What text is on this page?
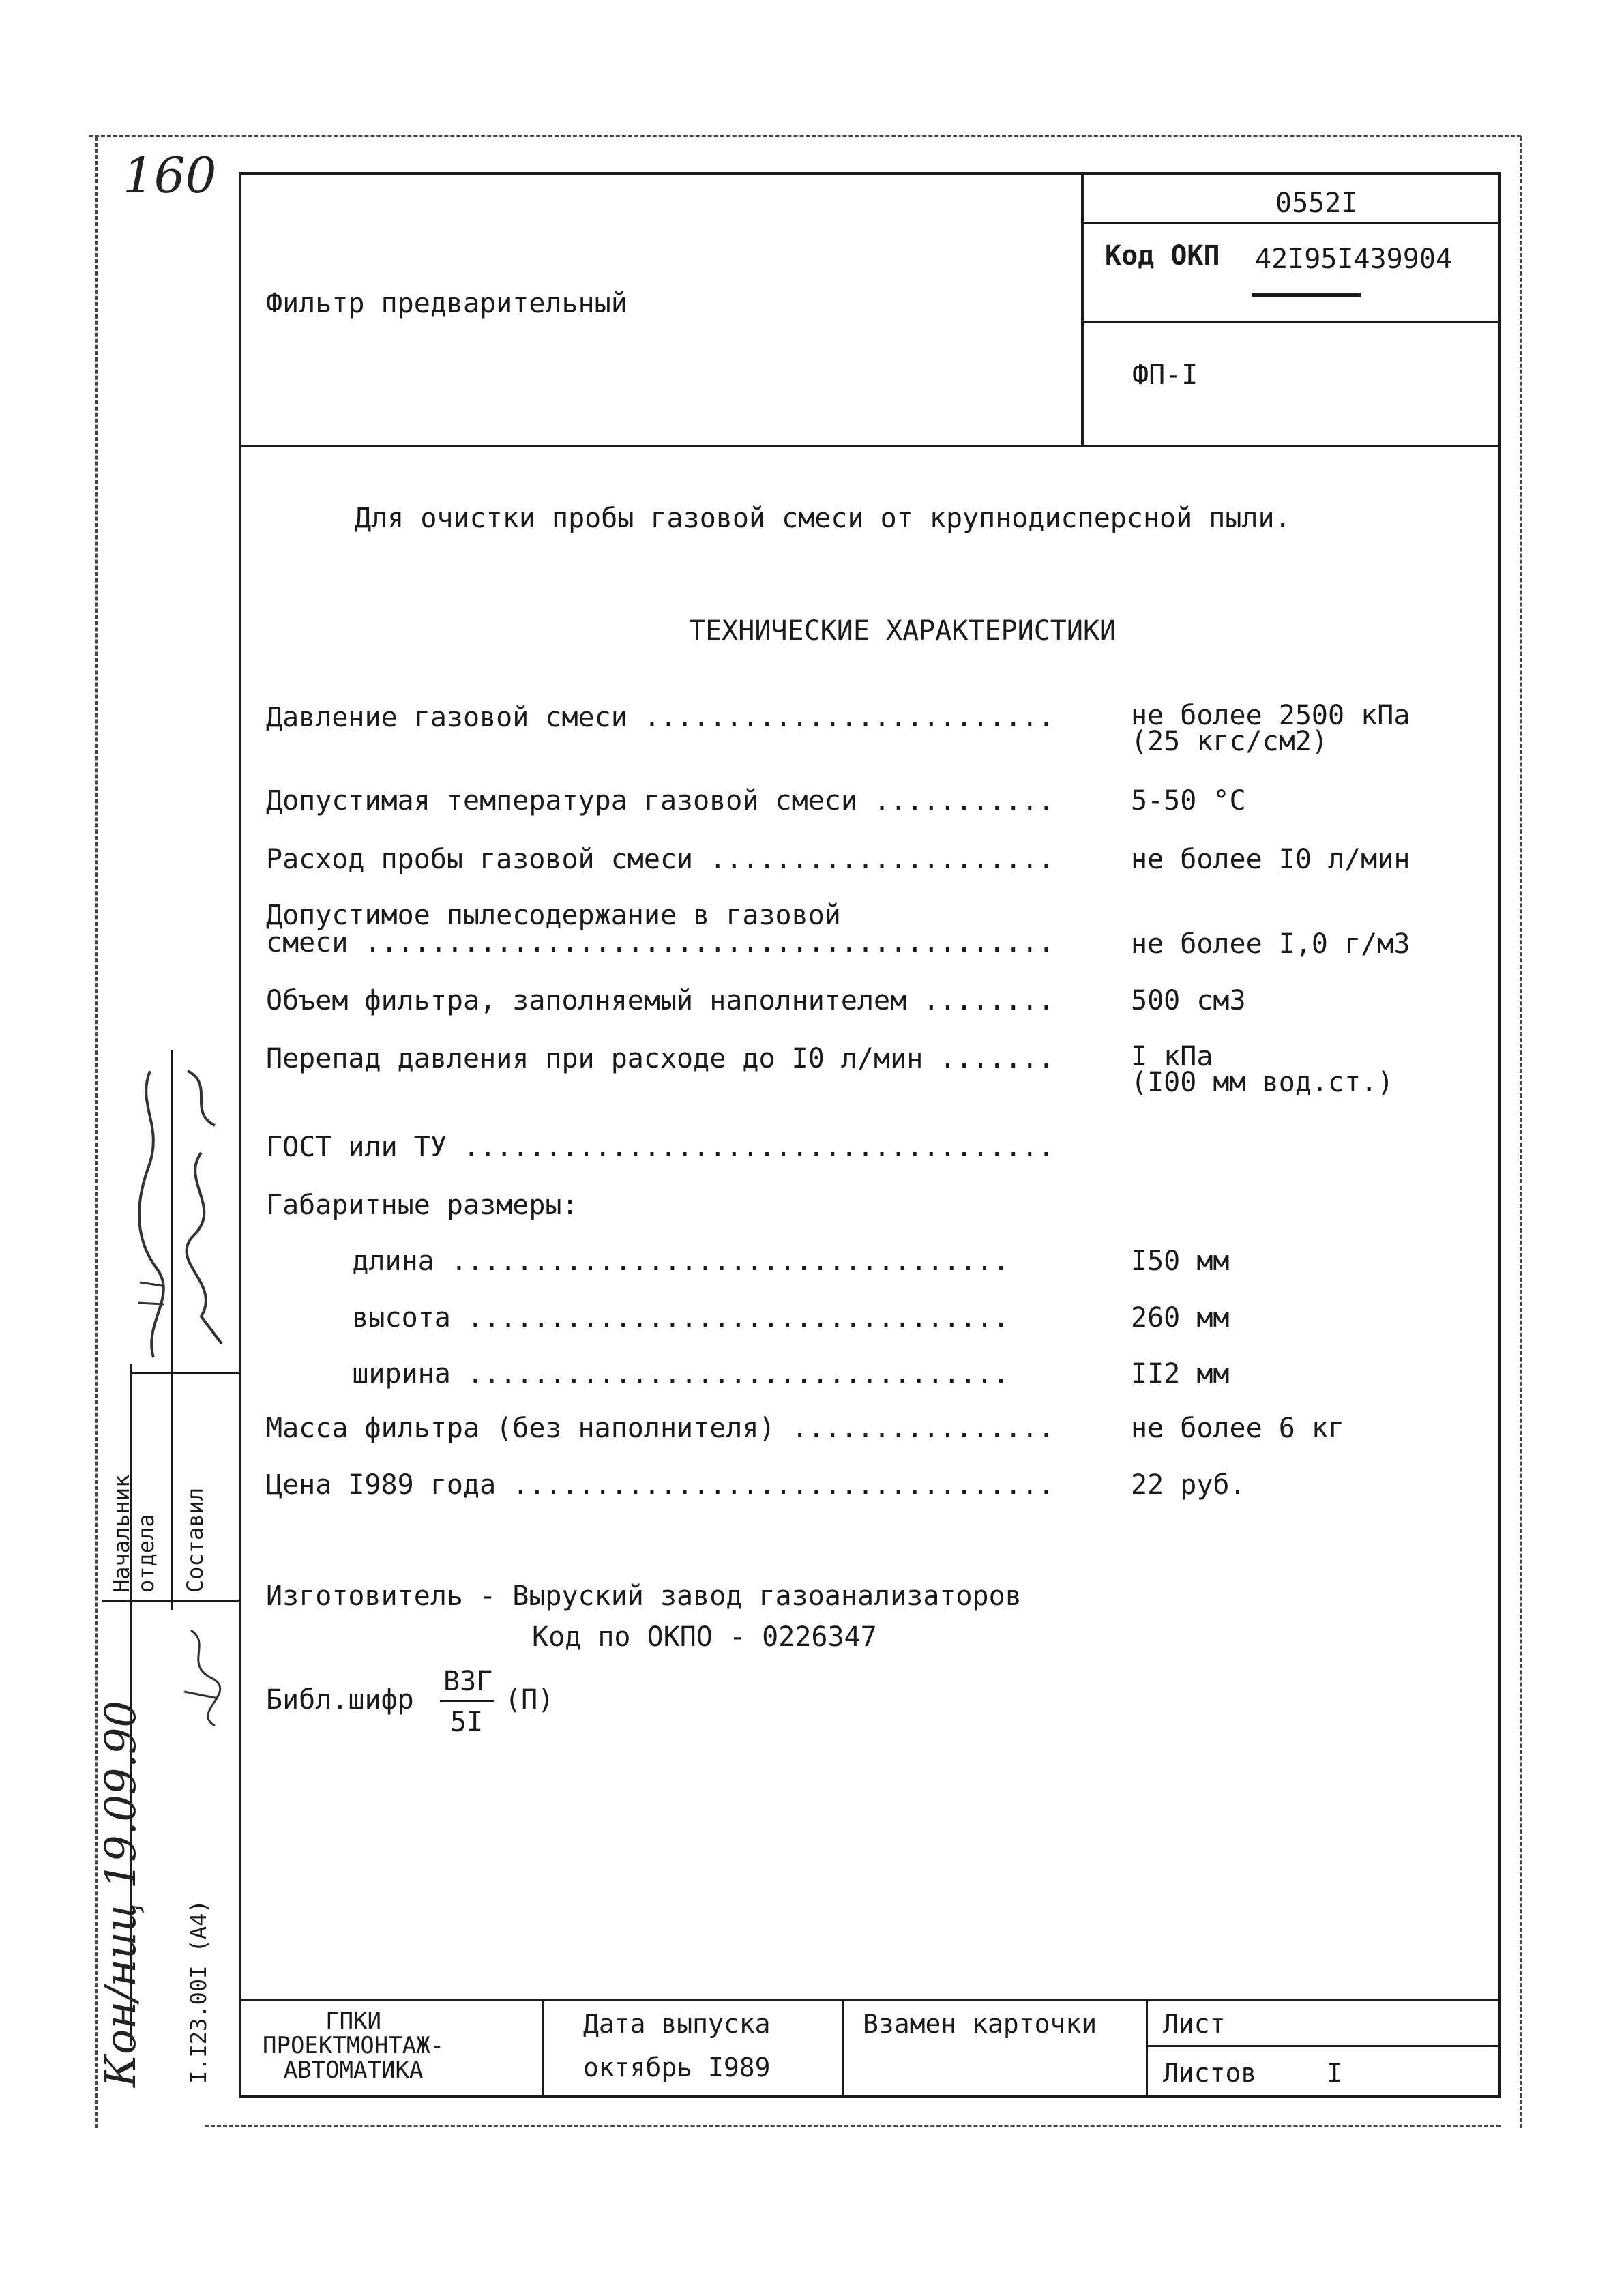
160
Фильтр предварительный
0552I
Код ОКП 42I95I439904
ФП-I
Для очистки пробы газовой смеси от крупнодисперсной пыли.
ТЕХНИЧЕСКИЕ ХАРАКТЕРИСТИКИ
Давление газовой смеси .........................	не более 2500 кПа
(25 кгс/см2)
Допустимая температура газовой смеси ...........	5-50 °С
Расход пробы газовой смеси .....................	не более I0 л/мин
Допустимое пылесодержание в газовой
смеси ..........................................	не более I,0 г/м3
Объем фильтра, заполняемый наполнителем ........	500 см3
Перепад давления при расходе до I0 л/мин .......	I кПа
(I00 мм вод.ст.)
ГОСТ или ТУ ....................................
Габаритные размеры:
длина ..................................	I50 мм
высота .................................	260 мм
ширина .................................	II2 мм
Масса фильтра (без наполнителя) ................	не более 6 кг
Цена I989 года .................................	22 руб.
Изготовитель - Выруский завод газоанализаторов
Код по ОКПО - 0226347
Библ.шифр
ВЗГ
5I
(П)
Начальник
отдела Составил
I.I23.00I (A4)
Кон/ниц 19.09.90	ГПКИ
ПРОЕКТМОНТАЖ-
АВТОМАТИКА
Дата выпуска
октябрь I989
Взамен карточки	Лист
Листов	I
